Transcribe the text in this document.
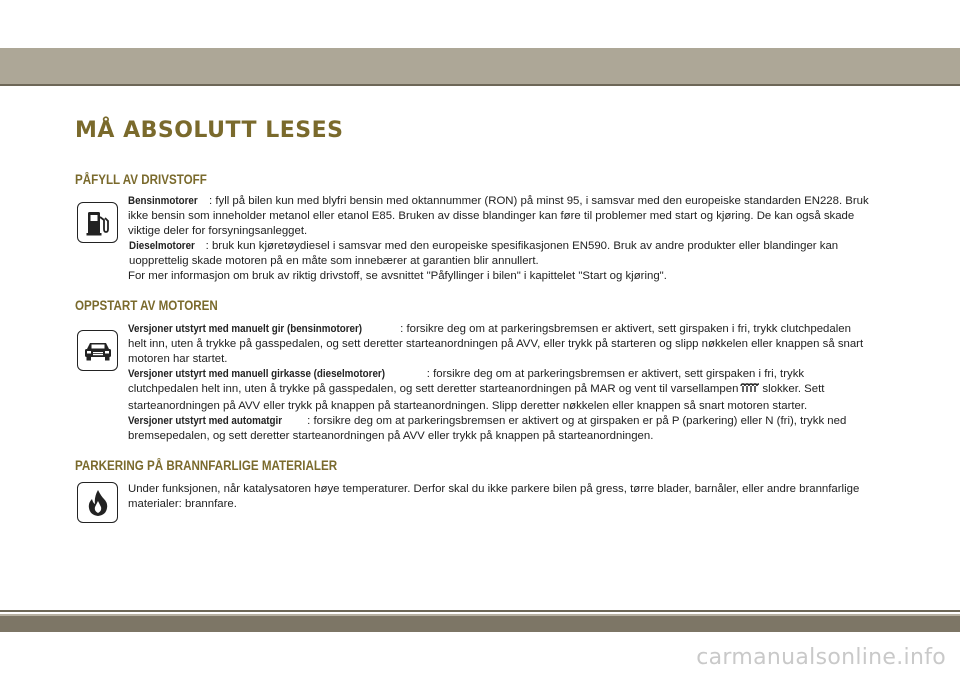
MÅ ABSOLUTT LESES
PÅFYLL AV DRIVSTOFF

Bensinmotorer : fyll på bilen kun med blyfri bensin med oktannummer (RON) på minst 95, i samsvar med den europeiske standarden EN228. Bruk ikke bensin som inneholder metanol eller etanol E85. Bruken av disse blandinger kan føre til problemer med start og kjøring. De kan også skade viktige deler for forsyningsanlegget.

Dieselmotorer : bruk kun kjøretøydiesel i samsvar med den europeiske spesifikasjonen EN590. Bruk av andre produkter eller blandinger kan uopprettelig skade motoren på en måte som innebærer at garantien blir annullert.

For mer informasjon om bruk av riktig drivstoff, se avsnittet "Påfyllinger i bilen" i kapittelet "Start og kjøring".

OPPSTART AV MOTOREN

Versjoner utstyrt med manuelt gir (bensinmotorer)	: forsikre deg om at parkeringsbremsen er aktivert, sett girspaken i fri, trykk clutchpedalen helt inn, uten å trykke på gasspedalen, og sett deretter starteanordningen på AVV, eller trykk på starteren og slipp nøkkelen eller knappen så snart motoren har startet.

Versjoner utstyrt med manuell girkasse (dieselmotorer)	: forsikre deg om at parkeringsbremsen er aktivert, sett girspaken i fri, trykk clutchpedalen helt inn, uten å trykke på gasspedalen, og sett deretter starteanordningen på MAR og vent til varsellampen slokker. Sett starteanordningen på AVV eller trykk på knappen på starteanordningen. Slipp deretter nøkkelen eller knappen så snart motoren starter.

Versjoner utstyrt med automatgir : forsikre deg om at parkeringsbremsen er aktivert og at girspaken er på P (parkering) eller N (fri), trykk ned bremsepedalen, og sett deretter starteanordningen på AVV eller trykk på knappen på starteanordningen.

PARKERING PÅ BRANNFARLIGE MATERIALER

Under funksjonen, når katalysatoren høye temperaturer. Derfor skal du ikke parkere bilen på gress, tørre blader, barnåler, eller andre brannfarlige materialer: brannfare.

carmanualsonline.info
